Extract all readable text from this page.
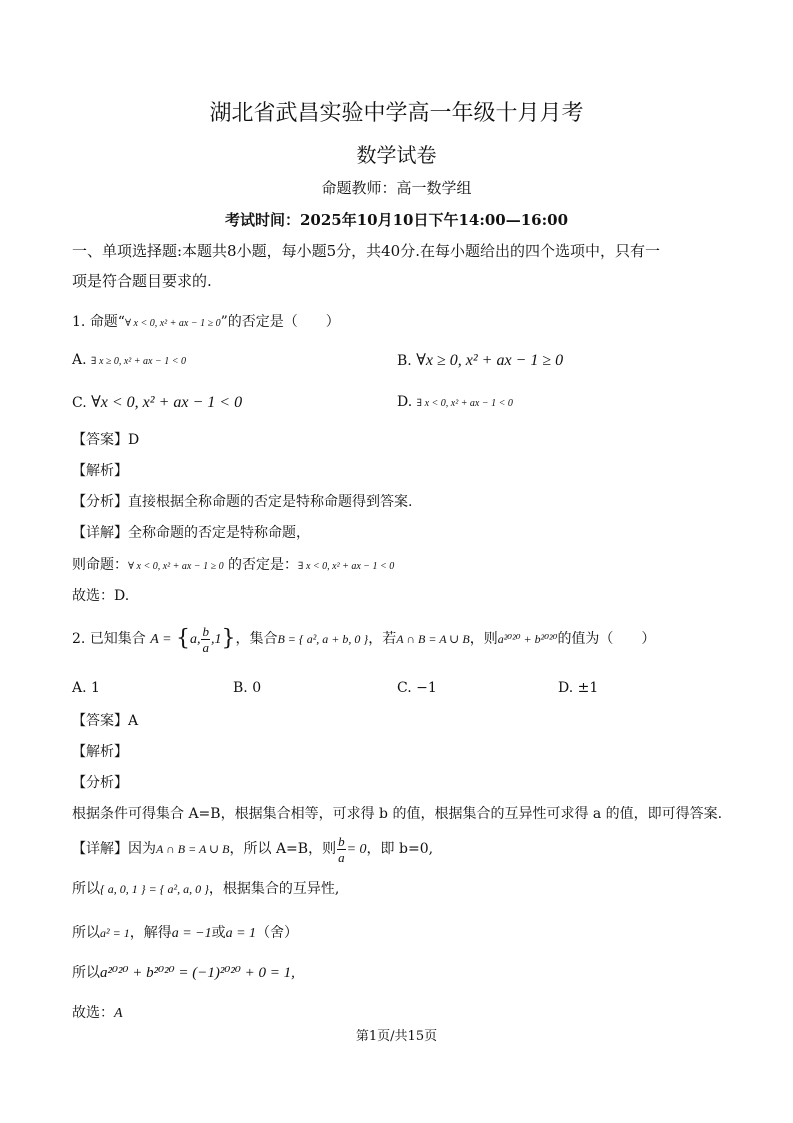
湖北省武昌实验中学高一年级十月月考
数学试卷
命题教师：高一数学组
考试时间：2025年10月10日下午14:00—16:00
一、单项选择题:本题共8小题，每小题5分，共40分.在每小题给出的四个选项中，只有一
项是符合题目要求的.
1. 命题“∀ x < 0, x² + ax − 1 ≥ 0”的否定是（　　）
A. ∃ x ≥ 0, x² + ax − 1 < 0	B. ∀x ≥ 0, x² + ax − 1 ≥ 0
C. ∀x < 0, x² + ax − 1 < 0	D. ∃ x < 0, x² + ax − 1 < 0
【答案】D
【解析】
【分析】直接根据全称命题的否定是特称命题得到答案.
【详解】全称命题的否定是特称命题，
则命题：∀ x < 0, x² + ax − 1 ≥ 0 的否定是：∃ x < 0, x² + ax − 1 < 0
故选：D.
2. 已知集合 A = {a, $\frac{b}{a} ,1$}，集合B = { a², a + b, 0 }，若A ∩ B = A ∪ B，则a²⁰²⁰ + b²⁰²⁰的值为（　　）
A. 1	B. 0	C. −1	D. ±1
【答案】A
【解析】
【分析】
根据条件可得集合 A=B，根据集合相等，可求得 b 的值，根据集合的互异性可求得 a 的值，即可得答案.
【详解】因为A ∩ B = A ∪ B，所以 A=B，则 $\frac{b}{a} = 0$，即 b=0,
所以{ a, 0, 1 } = { a², a, 0 }，根据集合的互异性,
所以a² = 1，解得a = −1或a = 1（舍）
所以a²⁰²⁰ + b²⁰²⁰ = (−1)²⁰²⁰ + 0 = 1,
故选：A
第1页/共15页
